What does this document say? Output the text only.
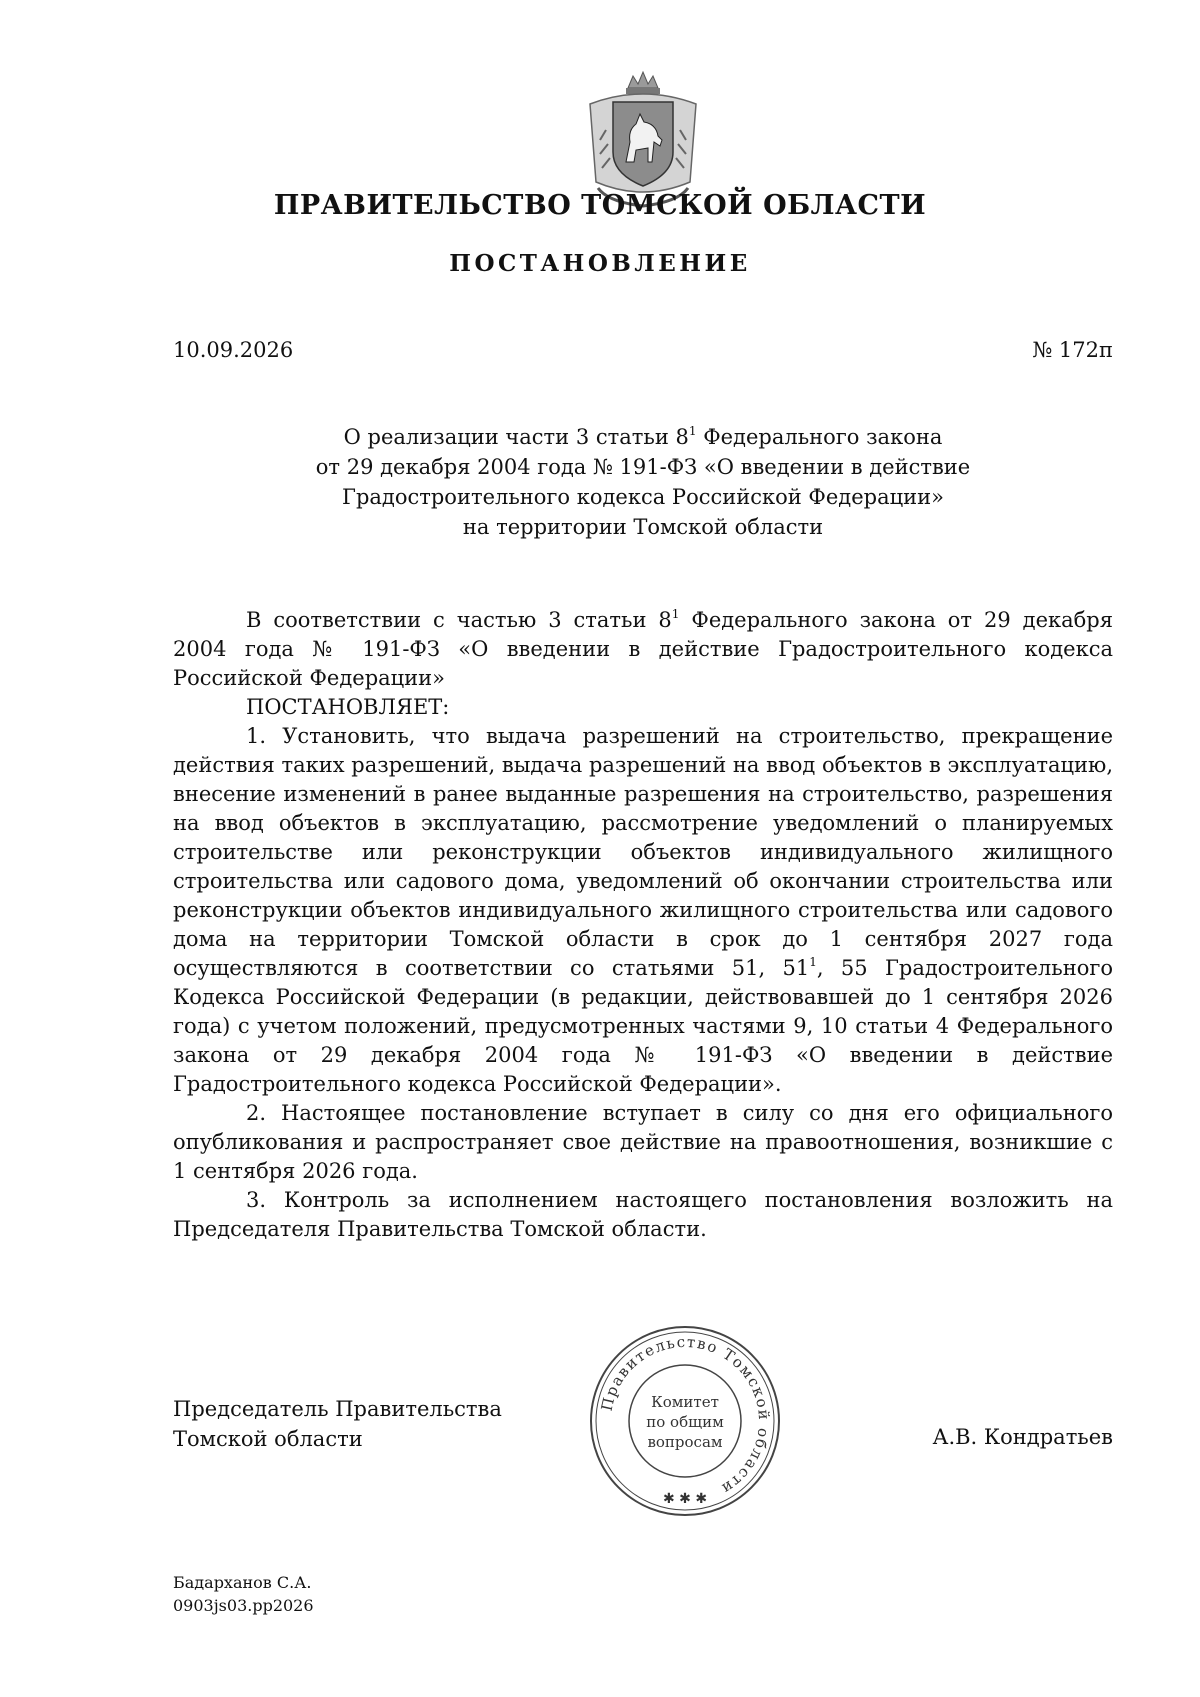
ПРАВИТЕЛЬСТВО ТОМСКОЙ ОБЛАСТИ
ПОСТАНОВЛЕНИЕ
10.09.2026	№ 172п
О реализации части 3 статьи $8^1$ Федерального закона
от 29 декабря 2004 года № 191-ФЗ «О введении в действие
Градостроительного кодекса Российской Федерации»
на территории Томской области

В соответствии с частью 3 статьи $8^1$ Федерального закона от 29 декабря 2004 года № 191-ФЗ «О введении в действие Градостроительного кодекса Российской Федерации»

ПОСТАНОВЛЯЕТ:

1. Установить, что выдача разрешений на строительство, прекращение действия таких разрешений, выдача разрешений на ввод объектов в эксплуатацию, внесение изменений в ранее выданные разрешения на строительство, разрешения на ввод объектов в эксплуатацию, рассмотрение уведомлений о планируемых строительстве или реконструкции объектов индивидуального жилищного строительства или садового дома, уведомлений об окончании строительства или реконструкции объектов индивидуального жилищного строительства или садового дома на территории Томской области в срок до 1 сентября 2027 года осуществляются в соответствии со статьями 51, $51^1$, 55 Градостроительного Кодекса Российской Федерации (в редакции, действовавшей до 1 сентября 2026 года) с учетом положений, предусмотренных частями 9, 10 статьи 4 Федерального закона от 29 декабря 2004 года № 191-ФЗ «О введении в действие Градостроительного кодекса Российской Федерации».

2. Настоящее постановление вступает в силу со дня его официального опубликования и распространяет свое действие на правоотношения, возникшие с 1 сентября 2026 года.

3. Контроль за исполнением настоящего постановления возложить на Председателя Правительства Томской области.

Председатель Правительства
Томской области
Правительство Томской области
Комитет
по общим
вопросам
✱ ✱ ✱
А.В. Кондратьев
Бадарханов С.А.
0903js03.pp2026
